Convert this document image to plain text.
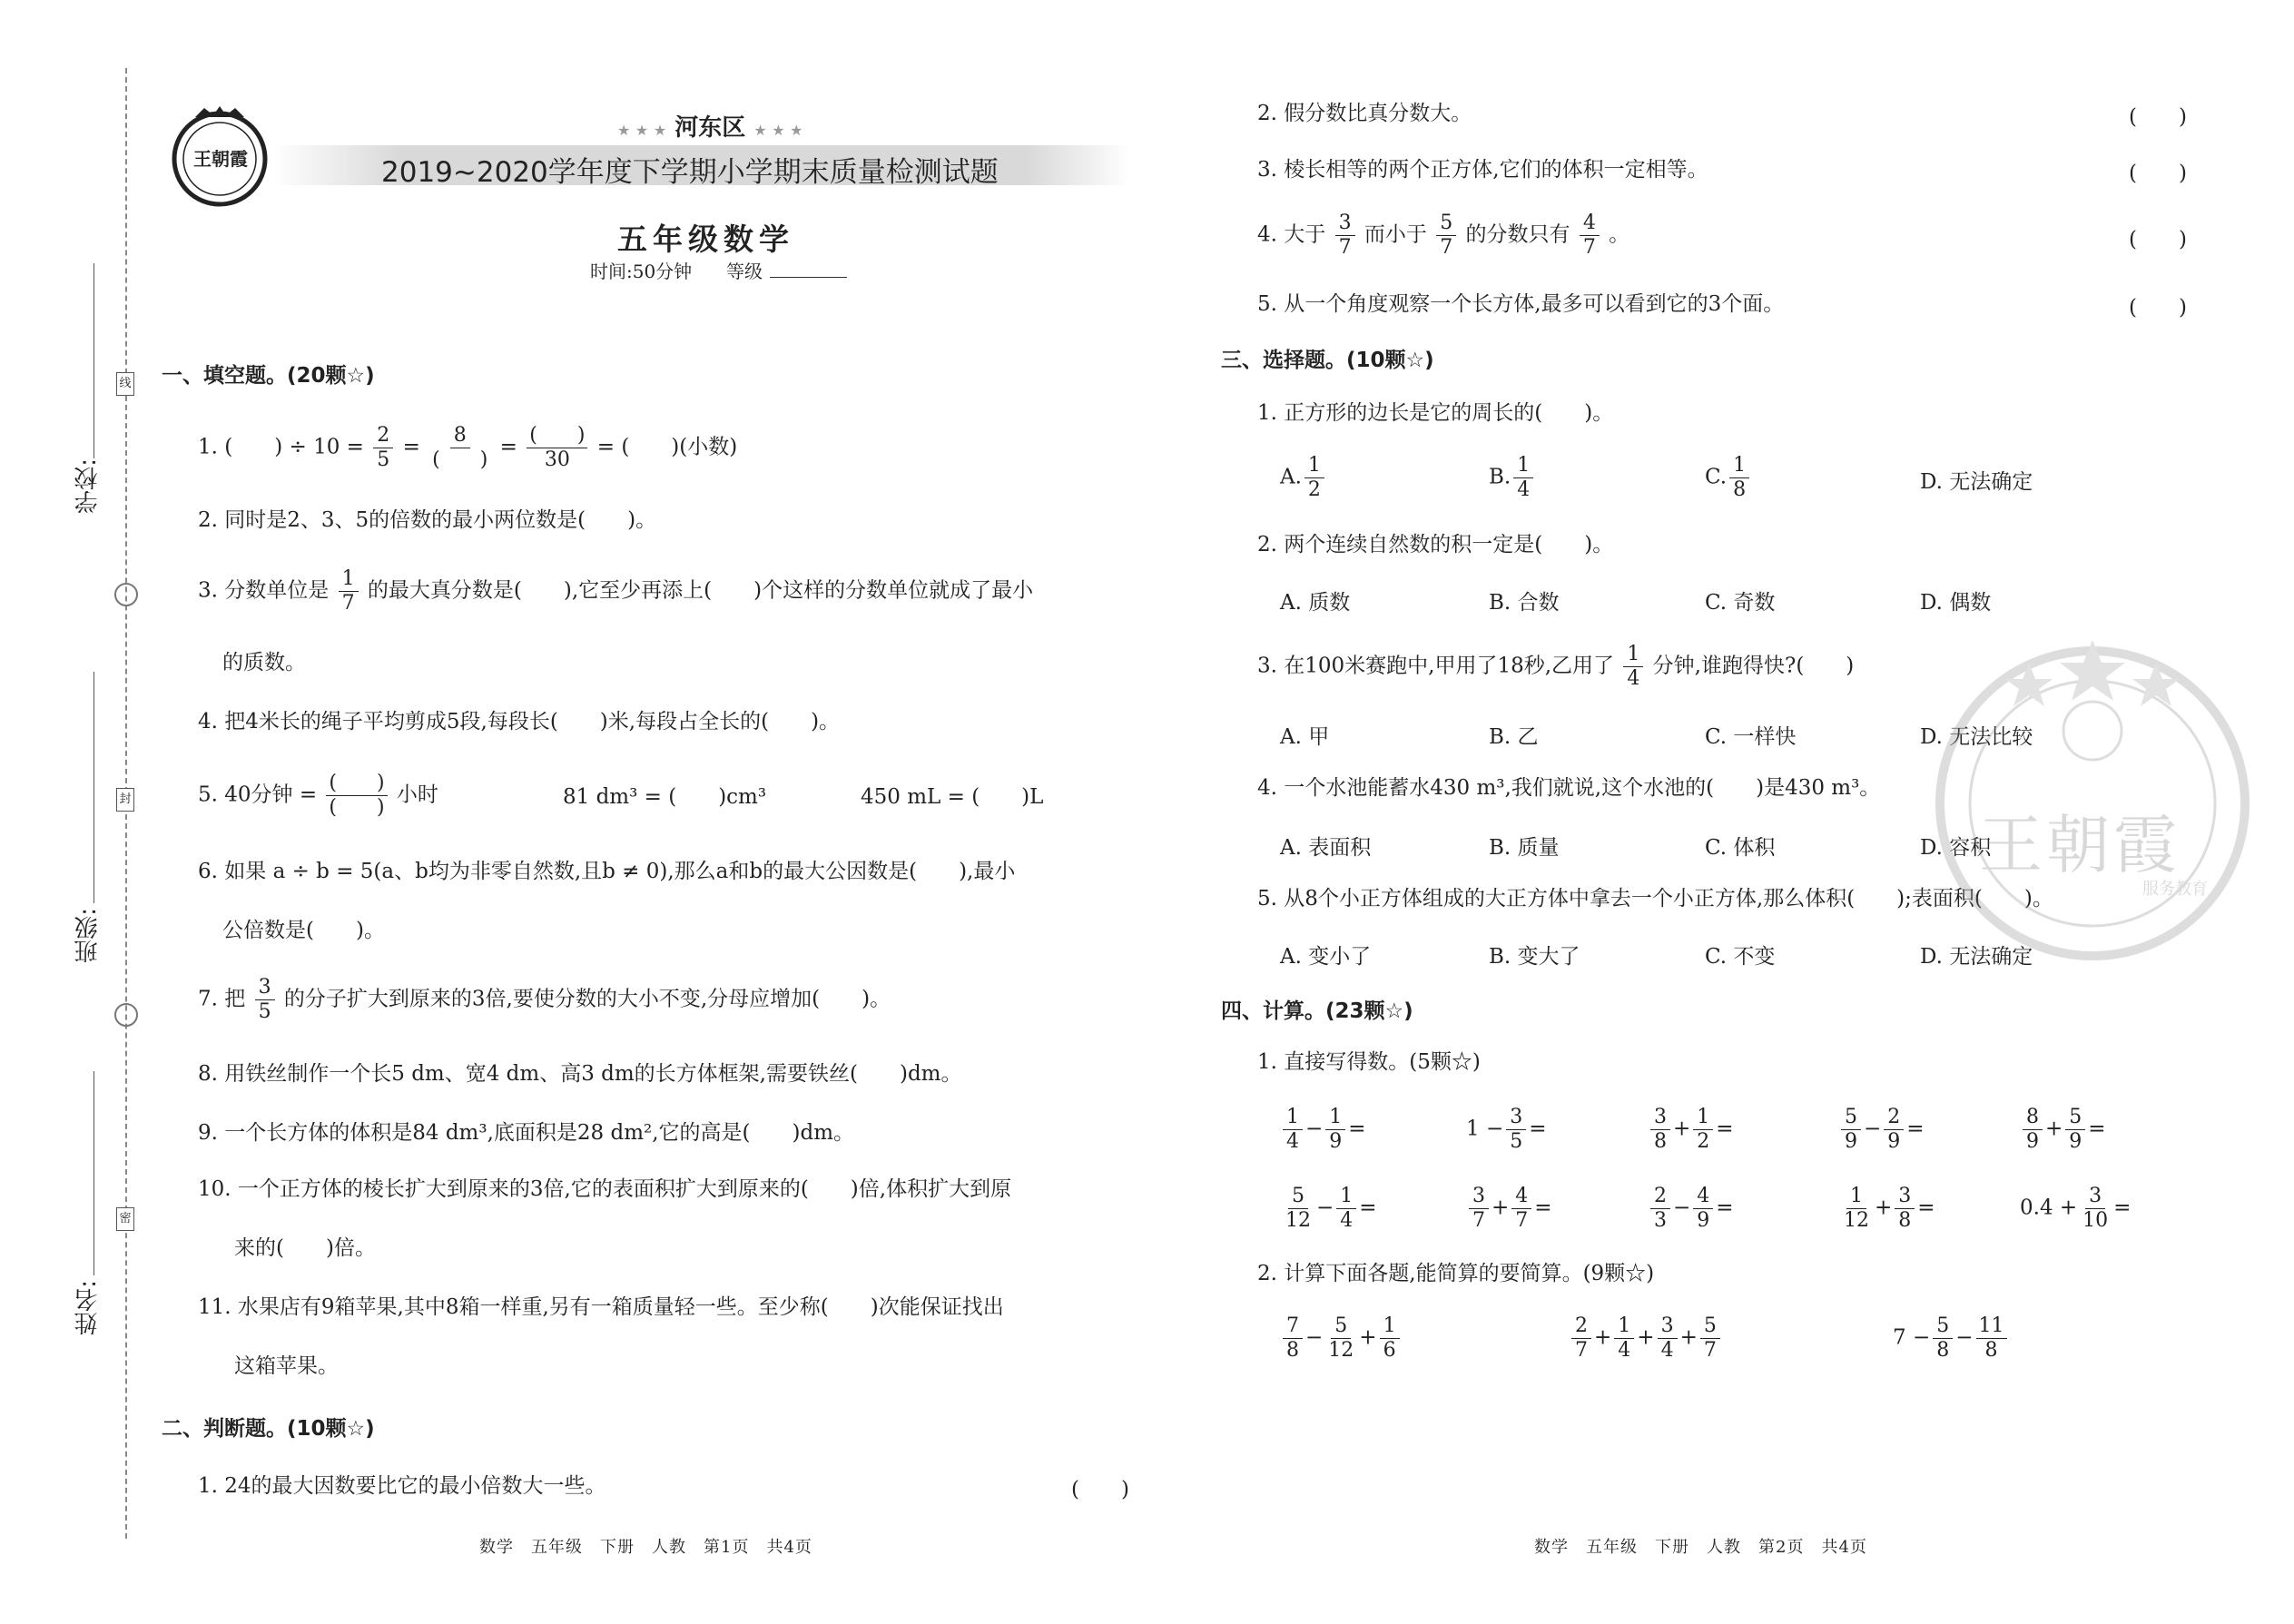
学校:
班级:
姓名:
线
封
密
王朝霞
★ ★ ★ 河东区 ★ ★ ★
2019~2020学年度下学期小学期末质量检测试题
五年级数学
时间:50分钟 等级
一、填空题。(20颗☆)
1. (　　) ÷ $10 = \frac{2}{5} = \frac{8}{( )} = \frac{( )}{30}$ = (　　)(小数)
2. 同时是2、3、5的倍数的最小两位数是(　　)。
3. 分数单位是 $\frac{1}{7}$ 的最大真分数是(　　),它至少再添上(　　)个这样的分数单位就成了最小
的质数。
4. 把4米长的绳子平均剪成5段,每段长(　　)米,每段占全长的(　　)。
5. 40分钟 = $\frac{( )}{( )}$ 小时	81 dm³ = (　　)cm³	450 mL = (　　)L
6. 如果 a ÷ b = 5(a、b均为非零自然数,且b ≠ 0),那么a和b的最大公因数是(　　),最小
公倍数是(　　)。
7. 把 $\frac{3}{5}$ 的分子扩大到原来的3倍,要使分数的大小不变,分母应增加(　　)。
8. 用铁丝制作一个长5 dm、宽4 dm、高3 dm的长方体框架,需要铁丝(　　)dm。
9. 一个长方体的体积是84 dm³,底面积是28 dm²,它的高是(　　)dm。
10. 一个正方体的棱长扩大到原来的3倍,它的表面积扩大到原来的(　　)倍,体积扩大到原
来的(　　)倍。
11. 水果店有9箱苹果,其中8箱一样重,另有一箱质量轻一些。至少称(　　)次能保证找出
这箱苹果。
二、判断题。(10颗☆)
1. 24的最大因数要比它的最小倍数大一些。	(　　)
2. 假分数比真分数大。	(　　)
3. 棱长相等的两个正方体,它们的体积一定相等。	(　　)
4. 大于 $\frac{3}{7}$ 而小于 $\frac{5}{7}$ 的分数只有 $\frac{4}{7}$ 。	(　　)
5. 从一个角度观察一个长方体,最多可以看到它的3个面。	(　　)
三、选择题。(10颗☆)
1. 正方形的边长是它的周长的(　　)。
A. $\frac{1}{2}$	B. $\frac{1}{4}$	C. $\frac{1}{8}$	D. 无法确定
2. 两个连续自然数的积一定是(　　)。
A. 质数	B. 合数	C. 奇数	D. 偶数
3. 在100米赛跑中,甲用了18秒,乙用了 $\frac{1}{4}$ 分钟,谁跑得快?(　　)
A. 甲	B. 乙	C. 一样快	D. 无法比较
4. 一个水池能蓄水430 m³,我们就说,这个水池的(　　)是430 m³。
A. 表面积	B. 质量	C. 体积	D. 容积
5. 从8个小正方体组成的大正方体中拿去一个小正方体,那么体积(　　);表面积(　　)。
A. 变小了	B. 变大了	C. 不变	D. 无法确定
四、计算。(23颗☆)
1. 直接写得数。(5颗☆)
$\frac{1}{4} - \frac{1}{9}$ =	$1 - \frac{3}{5}$ =	$\frac{3}{8} + \frac{1}{2}$ =	$\frac{5}{9} - \frac{2}{9}$ =	$\frac{8}{9} + \frac{5}{9}$ =
$\frac{5}{12} - \frac{1}{4}$ =	$\frac{3}{7} + \frac{4}{7}$ =	$\frac{2}{3} - \frac{4}{9}$ =	$\frac{1}{12} + \frac{3}{8}$ =	$0.4 + \frac{3}{10}$ =
2. 计算下面各题,能简算的要简算。(9颗☆)
$\frac{7}{8} - \frac{5}{12} + \frac{1}{6}$	$\frac{2}{7} + \frac{1}{4} + \frac{3}{4} + \frac{5}{7}$	$7 - \frac{5}{8} - \frac{11}{8}$
王朝霞
服务教育
数学　五年级　下册　人教　第1页　共4页	数学　五年级　下册　人教　第2页　共4页
